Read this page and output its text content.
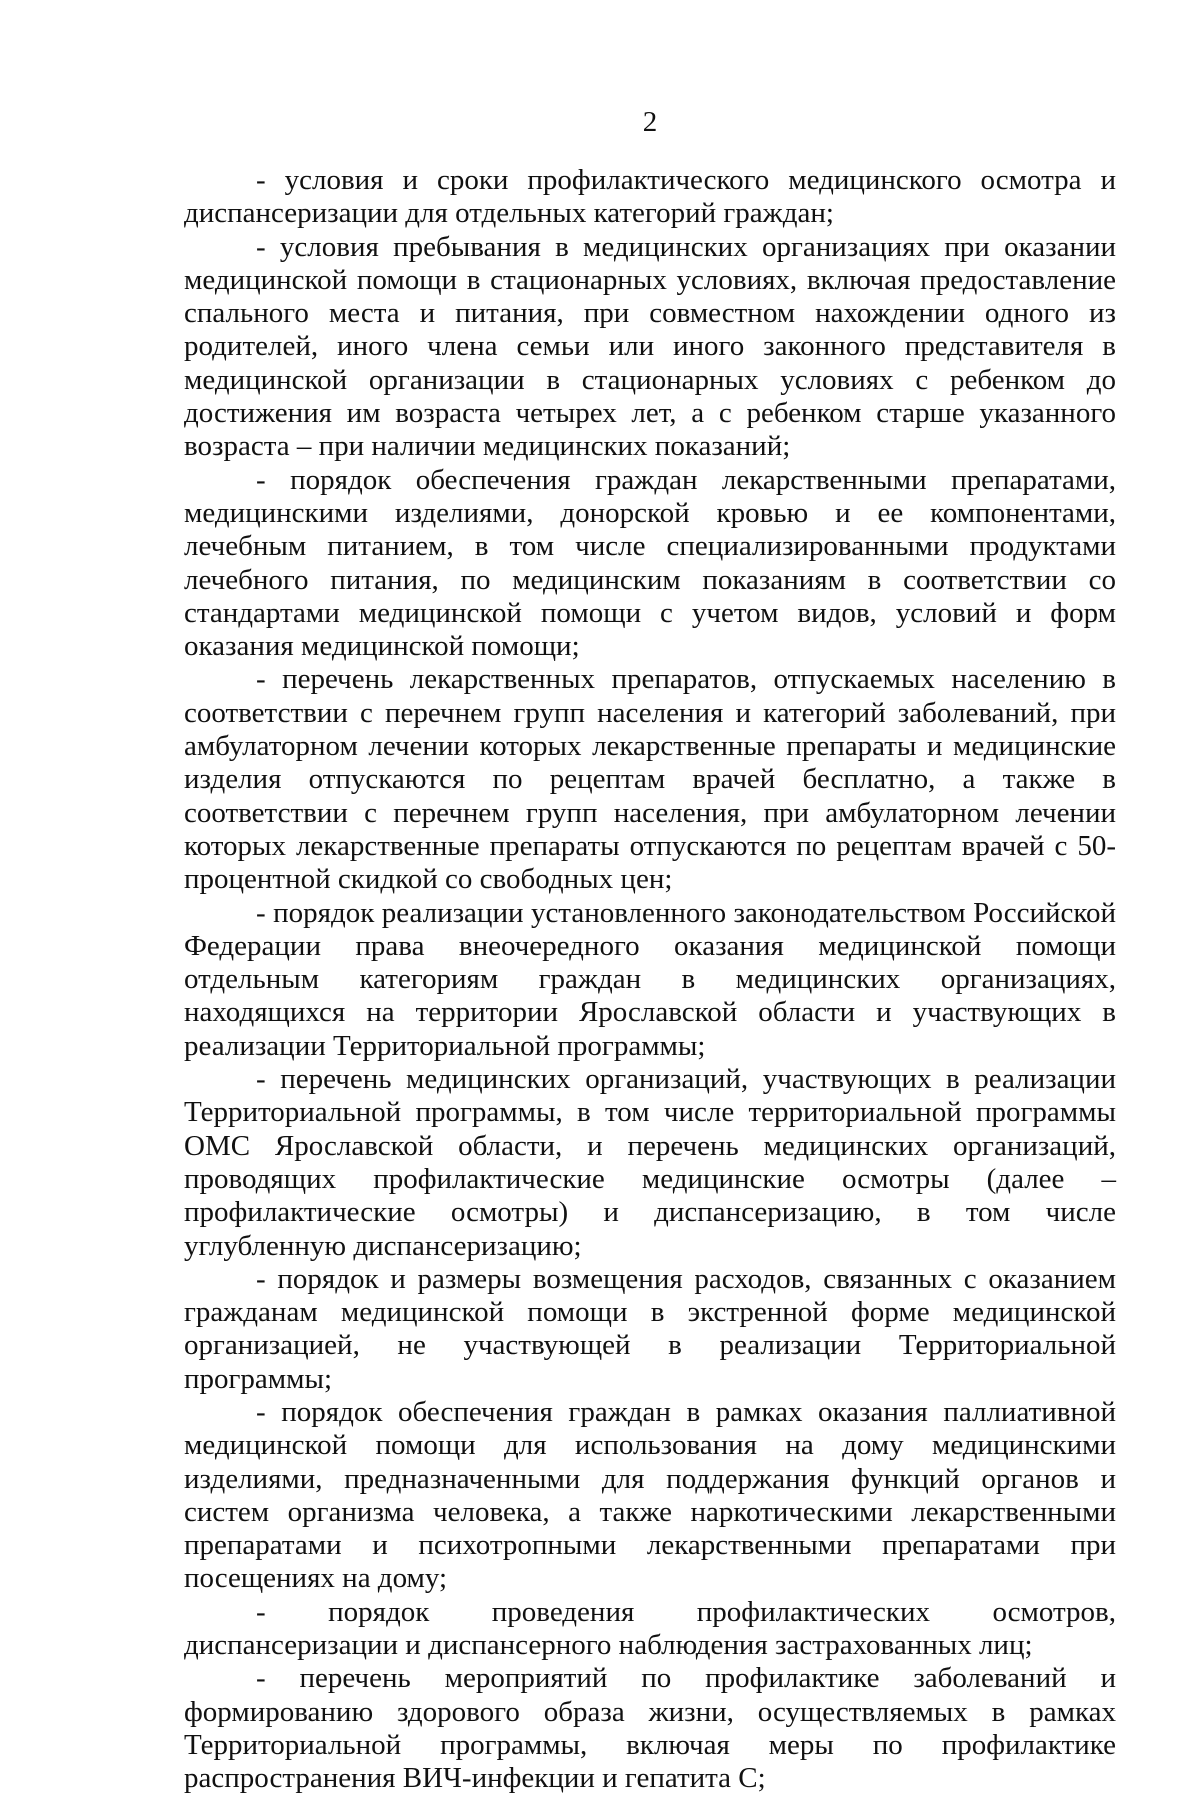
2

- условия и сроки профилактического медицинского осмотра и диспансеризации для отдельных категорий граждан;

- условия пребывания в медицинских организациях при оказании медицинской помощи в стационарных условиях, включая предоставление спального места и питания, при совместном нахождении одного из родителей, иного члена семьи или иного законного представителя в медицинской организации в стационарных условиях с ребенком до достижения им возраста четырех лет, а с ребенком старше указанного возраста – при наличии медицинских показаний;

- порядок обеспечения граждан лекарственными препаратами, медицинскими изделиями, донорской кровью и ее компонентами, лечебным питанием, в том числе специализированными продуктами лечебного питания, по медицинским показаниям в соответствии со стандартами медицинской помощи с учетом видов, условий и форм оказания медицинской помощи;

- перечень лекарственных препаратов, отпускаемых населению в соответствии с перечнем групп населения и категорий заболеваний, при амбулаторном лечении которых лекарственные препараты и медицинские изделия отпускаются по рецептам врачей бесплатно, а также в соответствии с перечнем групп населения, при амбулаторном лечении которых лекарственные препараты отпускаются по рецептам врачей с 50-процентной скидкой со свободных цен;

- порядок реализации установленного законодательством Российской Федерации права внеочередного оказания медицинской помощи отдельным категориям граждан в медицинских организациях, находящихся на территории Ярославской области и участвующих в реализации Территориальной программы;

- перечень медицинских организаций, участвующих в реализации Территориальной программы, в том числе территориальной программы ОМС Ярославской области, и перечень медицинских организаций, проводящих профилактические медицинские осмотры (далее – профилактические осмотры) и диспансеризацию, в том числе углубленную диспансеризацию;

- порядок и размеры возмещения расходов, связанных с оказанием гражданам медицинской помощи в экстренной форме медицинской организацией, не участвующей в реализации Территориальной программы;

- порядок обеспечения граждан в рамках оказания паллиативной медицинской помощи для использования на дому медицинскими изделиями, предназначенными для поддержания функций органов и систем организма человека, а также наркотическими лекарственными препаратами и психотропными лекарственными препаратами при посещениях на дому;

- порядок проведения профилактических осмотров, диспансеризации и диспансерного наблюдения застрахованных лиц;

- перечень мероприятий по профилактике заболеваний и формированию здорового образа жизни, осуществляемых в рамках Территориальной программы, включая меры по профилактике распространения ВИЧ-инфекции и гепатита С;
